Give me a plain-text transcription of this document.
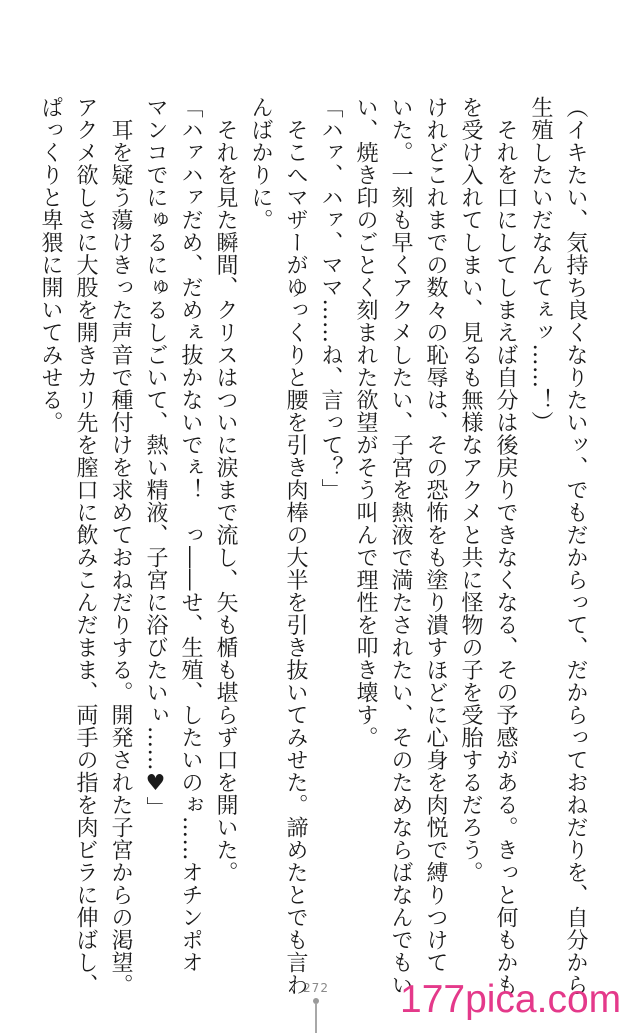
（イキたい、気持ち良くなりたいッ、でもだからって、だからっておねだりを、自分から

生殖したいだなんてぇッ……！）

　それを口にしてしまえば自分は後戻りできなくなる、その予感がある。きっと何もかも

を受け入れてしまい、見るも無様なアクメと共に怪物の子を受胎するだろう。

けれどこれまでの数々の恥辱は、その恐怖をも塗り潰すほどに心身を肉悦で縛りつけて

いた。一刻も早くアクメしたい、子宮を熱液で満たされたい、そのためならばなんでもい

い、焼き印のごとく刻まれた欲望がそう叫んで理性を叩き壊す。

「ハァ、ハァ、ママ……ね、言って？」

　そこへマザーがゆっくりと腰を引き肉棒の大半を引き抜いてみせた。諦めたとでも言わ

んばかりに。

　それを見た瞬間、クリスはついに涙まで流し、矢も楯も堪らず口を開いた。

「ハァハァだめ、だめぇ抜かないでぇ！　っ――せ、生殖、したいのぉ……オチンポオ

マンコでにゅるにゅるしごいて、熱い精液、子宮に浴びたいぃ……♥」

　耳を疑う蕩けきった声音で種付けを求めておねだりする。開発された子宮からの渇望。

アクメ欲しさに大股を開きカリ先を膣口に飲みこんだまま、両手の指を肉ビラに伸ばし、

ぱっくりと卑猥に開いてみせる。

272 177pica.com
